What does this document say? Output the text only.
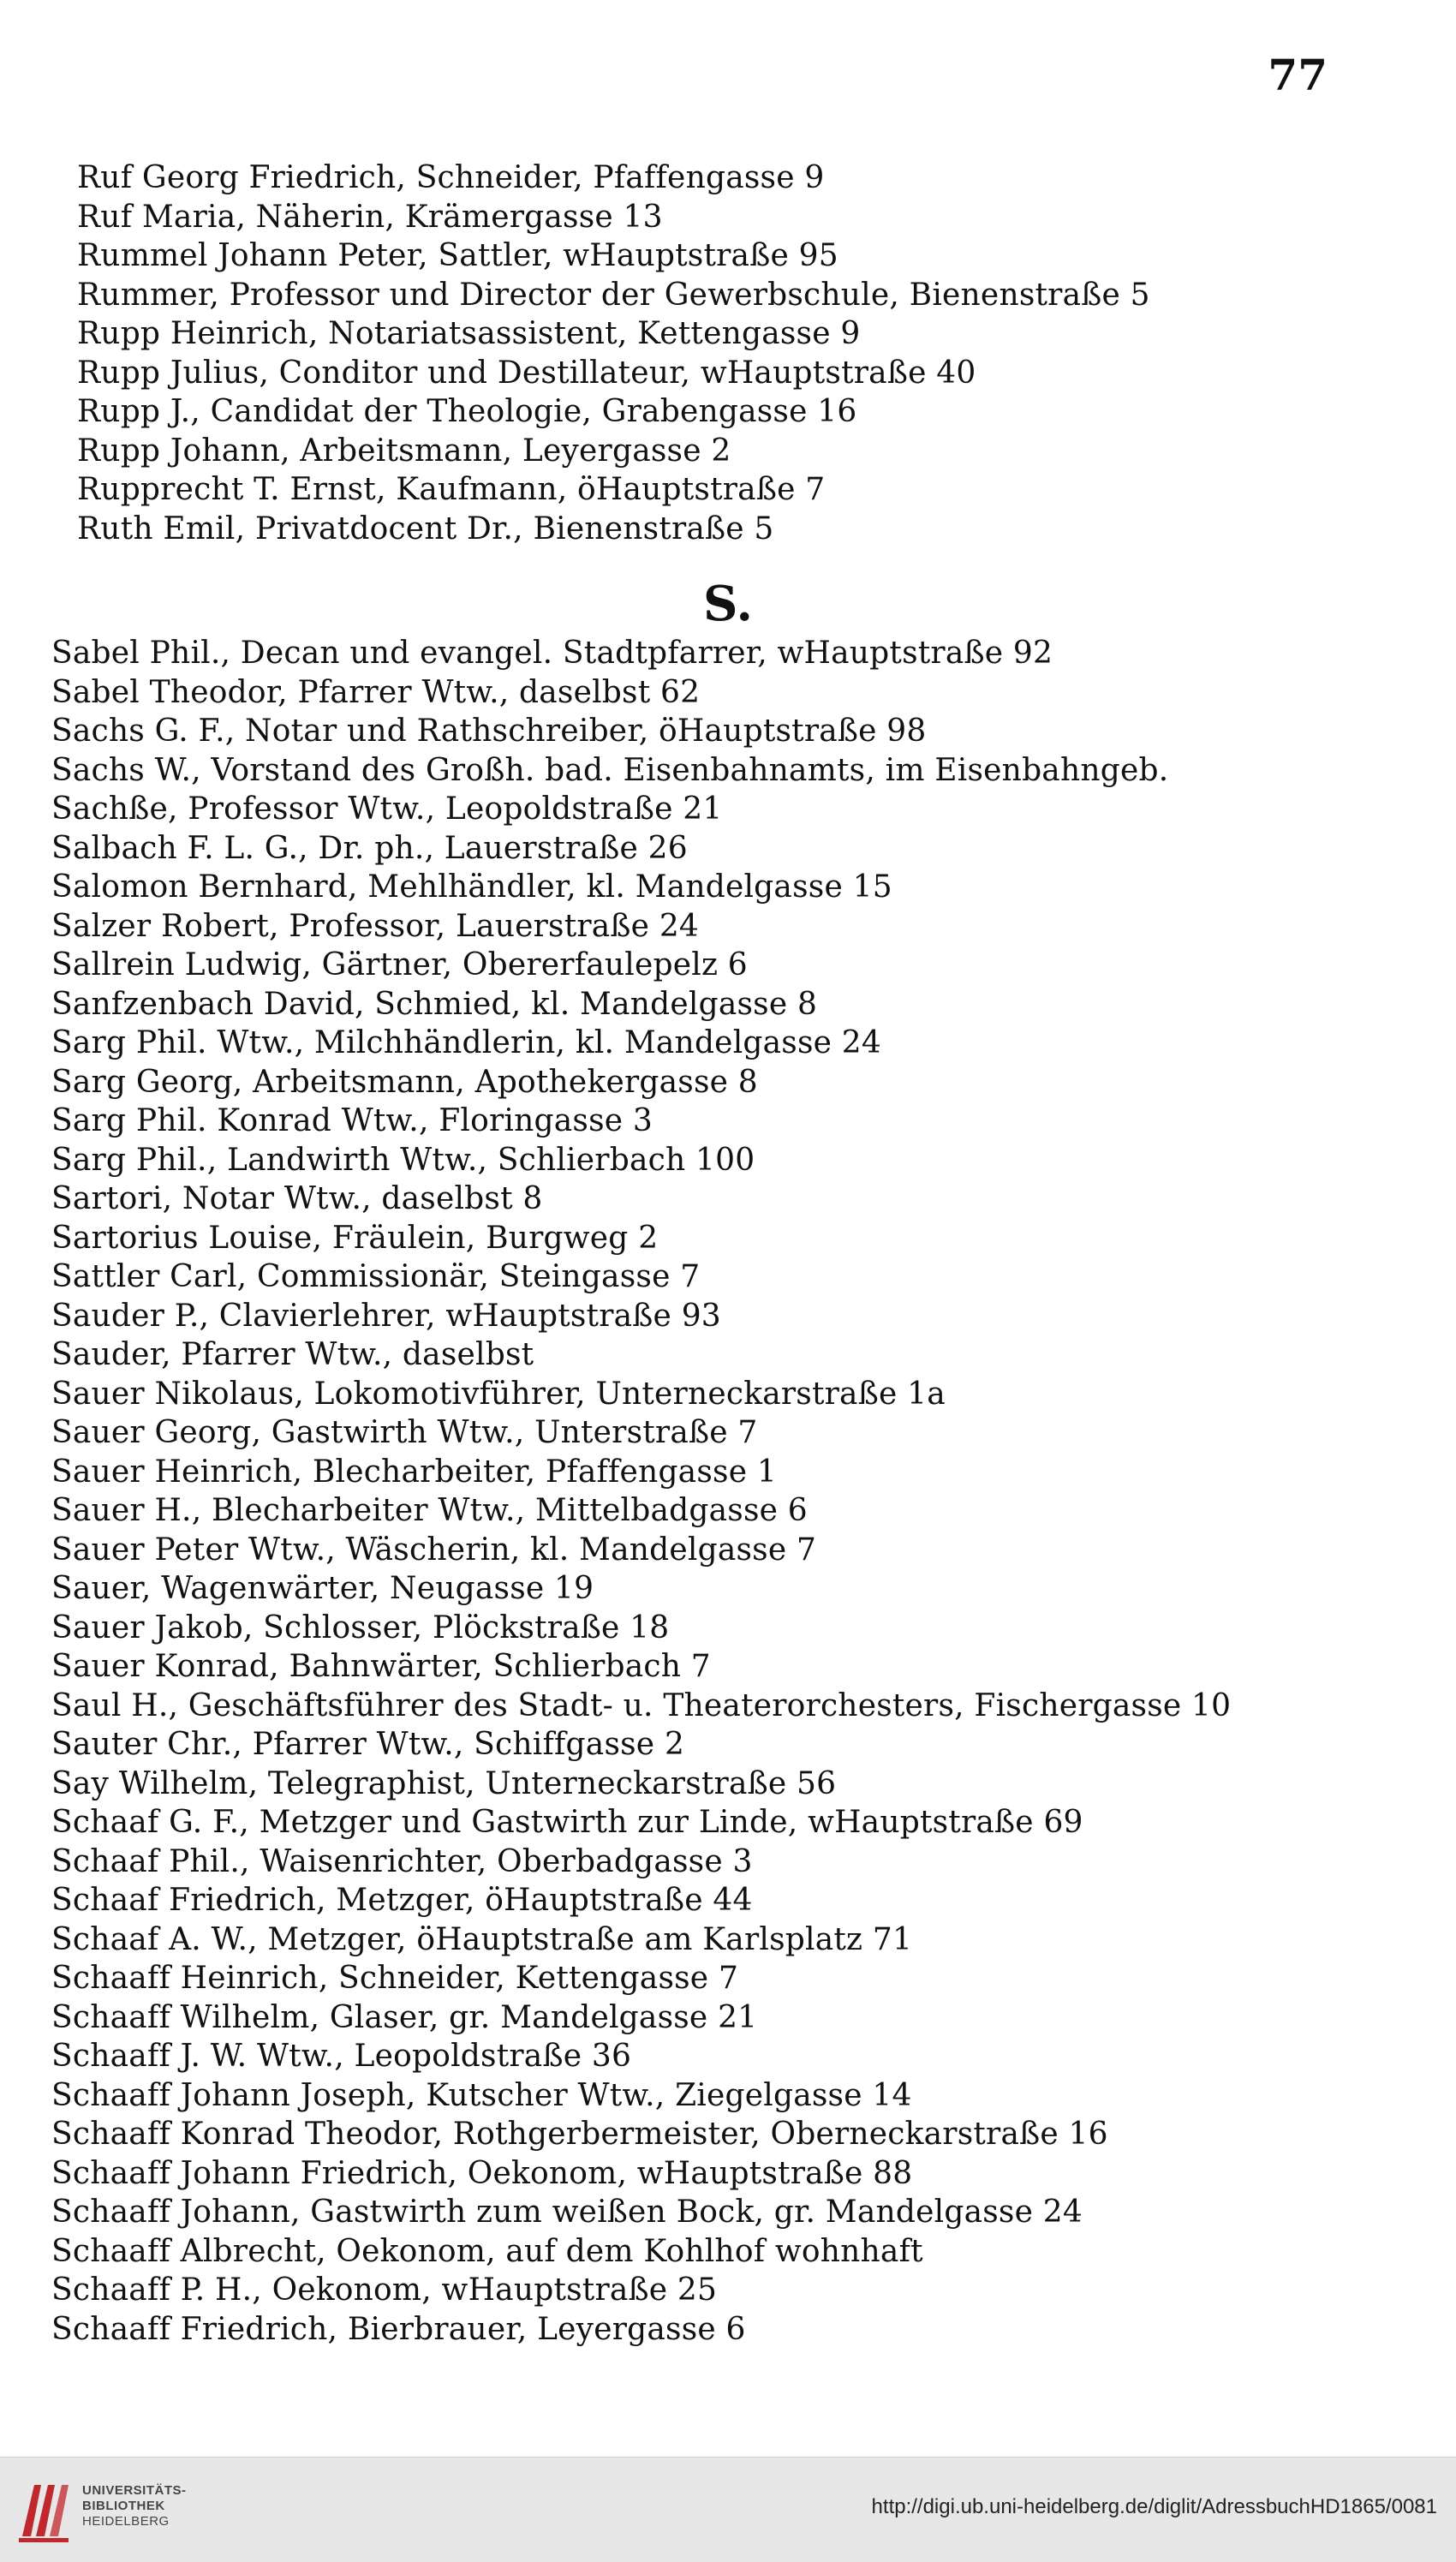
77
Ruf Georg Friedrich, Schneider, Pfaffengasse 9
Ruf Maria, Näherin, Krämergasse 13
Rummel Johann Peter, Sattler, wHauptstraße 95
Rummer, Professor und Director der Gewerbschule, Bienenstraße 5
Rupp Heinrich, Notariatsassistent, Kettengasse 9
Rupp Julius, Conditor und Destillateur, wHauptstraße 40
Rupp J., Candidat der Theologie, Grabengasse 16
Rupp Johann, Arbeitsmann, Leyergasse 2
Rupprecht T. Ernst, Kaufmann, öHauptstraße 7
Ruth Emil, Privatdocent Dr., Bienenstraße 5
S.
Sabel Phil., Decan und evangel. Stadtpfarrer, wHauptstraße 92
Sabel Theodor, Pfarrer Wtw., daselbst 62
Sachs G. F., Notar und Rathschreiber, öHauptstraße 98
Sachs W., Vorstand des Großh. bad. Eisenbahnamts, im Eisenbahngeb.
Sachße, Professor Wtw., Leopoldstraße 21
Salbach F. L. G., Dr. ph., Lauerstraße 26
Salomon Bernhard, Mehlhändler, kl. Mandelgasse 15
Salzer Robert, Professor, Lauerstraße 24
Sallrein Ludwig, Gärtner, Obererfaulepelz 6
Sanfzenbach David, Schmied, kl. Mandelgasse 8
Sarg Phil. Wtw., Milchhändlerin, kl. Mandelgasse 24
Sarg Georg, Arbeitsmann, Apothekergasse 8
Sarg Phil. Konrad Wtw., Floringasse 3
Sarg Phil., Landwirth Wtw., Schlierbach 100
Sartori, Notar Wtw., daselbst 8
Sartorius Louise, Fräulein, Burgweg 2
Sattler Carl, Commissionär, Steingasse 7
Sauder P., Clavierlehrer, wHauptstraße 93
Sauder, Pfarrer Wtw., daselbst
Sauer Nikolaus, Lokomotivführer, Unterneckarstraße 1a
Sauer Georg, Gastwirth Wtw., Unterstraße 7
Sauer Heinrich, Blecharbeiter, Pfaffengasse 1
Sauer H., Blecharbeiter Wtw., Mittelbadgasse 6
Sauer Peter Wtw., Wäscherin, kl. Mandelgasse 7
Sauer, Wagenwärter, Neugasse 19
Sauer Jakob, Schlosser, Plöckstraße 18
Sauer Konrad, Bahnwärter, Schlierbach 7
Saul H., Geschäftsführer des Stadt- u. Theaterorchesters, Fischergasse 10
Sauter Chr., Pfarrer Wtw., Schiffgasse 2
Say Wilhelm, Telegraphist, Unterneckarstraße 56
Schaaf G. F., Metzger und Gastwirth zur Linde, wHauptstraße 69
Schaaf Phil., Waisenrichter, Oberbadgasse 3
Schaaf Friedrich, Metzger, öHauptstraße 44
Schaaf A. W., Metzger, öHauptstraße am Karlsplatz 71
Schaaff Heinrich, Schneider, Kettengasse 7
Schaaff Wilhelm, Glaser, gr. Mandelgasse 21
Schaaff J. W. Wtw., Leopoldstraße 36
Schaaff Johann Joseph, Kutscher Wtw., Ziegelgasse 14
Schaaff Konrad Theodor, Rothgerbermeister, Oberneckarstraße 16
Schaaff Johann Friedrich, Oekonom, wHauptstraße 88
Schaaff Johann, Gastwirth zum weißen Bock, gr. Mandelgasse 24
Schaaff Albrecht, Oekonom, auf dem Kohlhof wohnhaft
Schaaff P. H., Oekonom, wHauptstraße 25
Schaaff Friedrich, Bierbrauer, Leyergasse 6
UNIVERSITÄTS-
BIBLIOTHEK
HEIDELBERG
http://digi.ub.uni-heidelberg.de/diglit/AdressbuchHD1865/0081
